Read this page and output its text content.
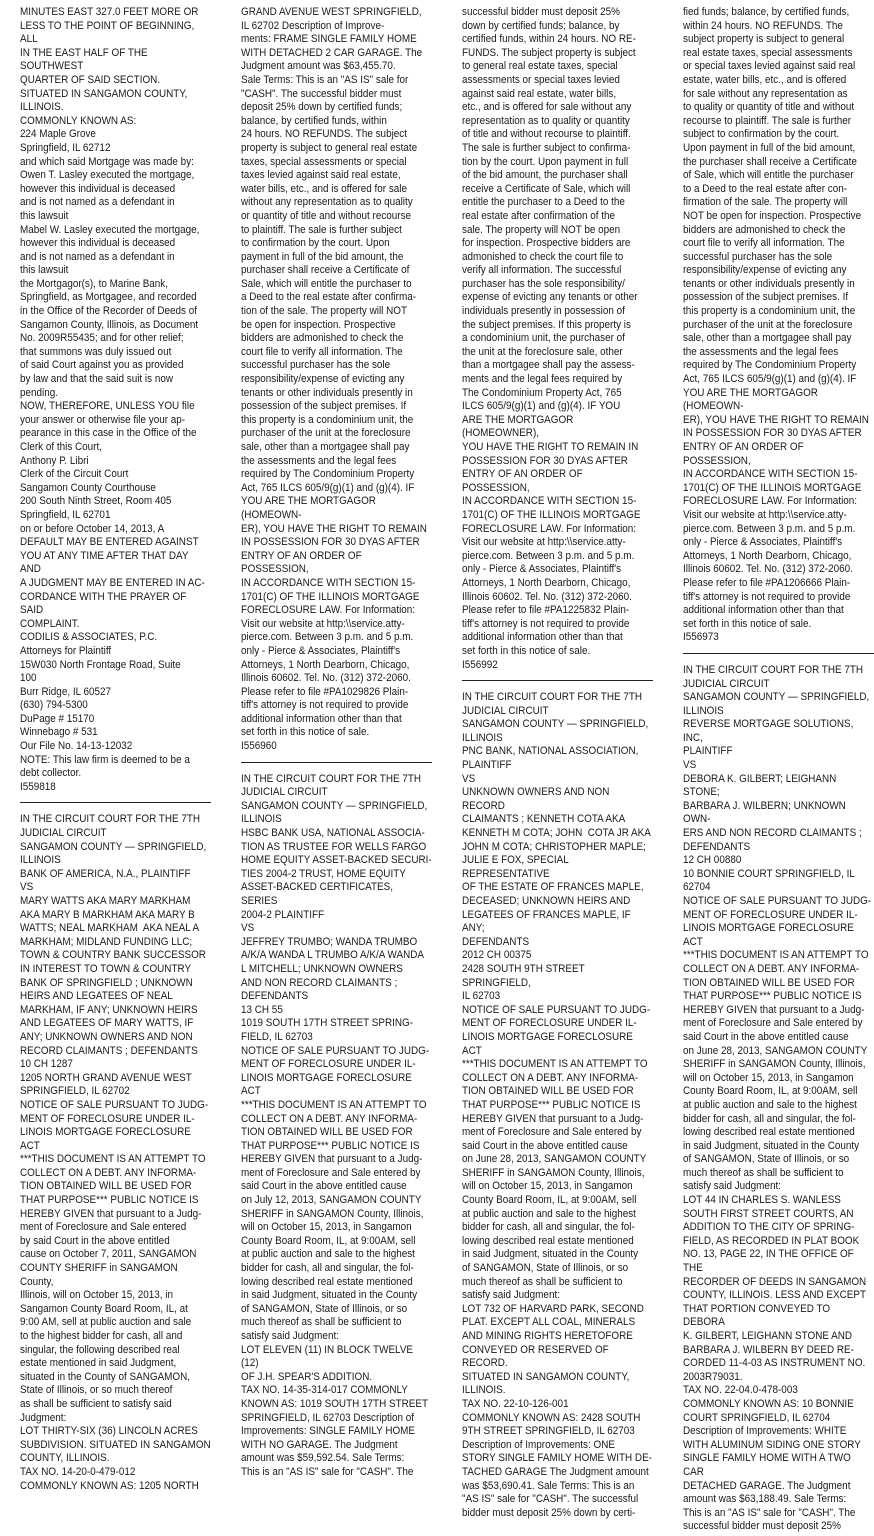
MINUTES EAST 327.0 FEET MORE OR
LESS TO THE POINT OF BEGINNING, ALL
IN THE EAST HALF OF THE SOUTHWEST
QUARTER OF SAID SECTION.
SITUATED IN SANGAMON COUNTY,
ILLINOIS.
COMMONLY KNOWN AS:
224 Maple Grove
Springfield, IL 62712
and which said Mortgage was made by:
Owen T. Lasley executed the mortgage,
however this individual is deceased
and is not named as a defendant in
this lawsuit
Mabel W. Lasley executed the mortgage,
however this individual is deceased
and is not named as a defendant in
this lawsuit
the Mortgagor(s), to Marine Bank,
Springfield, as Mortgagee, and recorded
in the Office of the Recorder of Deeds of
Sangamon County, Illinois, as Document
No. 2009R55435; and for other relief;
that summons was duly issued out
of said Court against you as provided
by law and that the said suit is now
pending.
NOW, THEREFORE, UNLESS YOU file
your answer or otherwise file your ap-
pearance in this case in the Office of the
Clerk of this Court,
Anthony P. Libri
Clerk of the Circuit Court
Sangamon County Courthouse
200 South Ninth Street, Room 405
Springfield, IL 62701
on or before October 14, 2013, A
DEFAULT MAY BE ENTERED AGAINST
YOU AT ANY TIME AFTER THAT DAY AND
A JUDGMENT MAY BE ENTERED IN AC-
CORDANCE WITH THE PRAYER OF SAID
COMPLAINT.
CODILIS & ASSOCIATES, P.C.
Attorneys for Plaintiff
15W030 North Frontage Road, Suite
100
Burr Ridge, IL 60527
(630) 794-5300
DuPage # 15170
Winnebago # 531
Our File No. 14-13-12032
NOTE: This law firm is deemed to be a
debt collector.
I559818

IN THE CIRCUIT COURT FOR THE 7TH
JUDICIAL CIRCUIT
SANGAMON COUNTY — SPRINGFIELD,
ILLINOIS
BANK OF AMERICA, N.A., PLAINTIFF
VS
MARY WATTS AKA MARY MARKHAM
AKA MARY B MARKHAM AKA MARY B
WATTS; NEAL MARKHAM  AKA NEAL A
MARKHAM; MIDLAND FUNDING LLC;
TOWN & COUNTRY BANK SUCCESSOR
IN INTEREST TO TOWN & COUNTRY
BANK OF SPRINGFIELD ; UNKNOWN
HEIRS AND LEGATEES OF NEAL
MARKHAM, IF ANY; UNKNOWN HEIRS
AND LEGATEES OF MARY WATTS, IF
ANY; UNKNOWN OWNERS AND NON
RECORD CLAIMANTS ; DEFENDANTS
10 CH 1287
1205 NORTH GRAND AVENUE WEST
SPRINGFIELD, IL 62702
NOTICE OF SALE PURSUANT TO JUDG-
MENT OF FORECLOSURE UNDER IL-
LINOIS MORTGAGE FORECLOSURE ACT
***THIS DOCUMENT IS AN ATTEMPT TO
COLLECT ON A DEBT. ANY INFORMA-
TION OBTAINED WILL BE USED FOR
THAT PURPOSE*** PUBLIC NOTICE IS
HEREBY GIVEN that pursuant to a Judg-
ment of Foreclosure and Sale entered
by said Court in the above entitled
cause on October 7, 2011, SANGAMON
COUNTY SHERIFF in SANGAMON County,
Illinois, will on October 15, 2013, in
Sangamon County Board Room, IL, at
9:00 AM, sell at public auction and sale
to the highest bidder for cash, all and
singular, the following described real
estate mentioned in said Judgment,
situated in the County of SANGAMON,
State of Illinois, or so much thereof
as shall be sufficient to satisfy said
Judgment:
LOT THIRTY-SIX (36) LINCOLN ACRES
SUBDIVISION. SITUATED IN SANGAMON
COUNTY, ILLINOIS.
TAX NO. 14-20-0-479-012
COMMONLY KNOWN AS: 1205 NORTH

GRAND AVENUE WEST SPRINGFIELD,
IL 62702 Description of Improve-
ments: FRAME SINGLE FAMILY HOME
WITH DETACHED 2 CAR GARAGE. The
Judgment amount was $63,455.70.
Sale Terms: This is an "AS IS" sale for
"CASH". The successful bidder must
deposit 25% down by certified funds;
balance, by certified funds, within
24 hours. NO REFUNDS. The subject
property is subject to general real estate
taxes, special assessments or special
taxes levied against said real estate,
water bills, etc., and is offered for sale
without any representation as to quality
or quantity of title and without recourse
to plaintiff. The sale is further subject
to confirmation by the court. Upon
payment in full of the bid amount, the
purchaser shall receive a Certificate of
Sale, which will entitle the purchaser to
a Deed to the real estate after confirma-
tion of the sale. The property will NOT
be open for inspection. Prospective
bidders are admonished to check the
court file to verify all information. The
successful purchaser has the sole
responsibility/expense of evicting any
tenants or other individuals presently in
possession of the subject premises. If
this property is a condominium unit, the
purchaser of the unit at the foreclosure
sale, other than a mortgagee shall pay
the assessments and the legal fees
required by The Condominium Property
Act, 765 ILCS 605/9(g)(1) and (g)(4). IF
YOU ARE THE MORTGAGOR (HOMEOWN-
ER), YOU HAVE THE RIGHT TO REMAIN
IN POSSESSION FOR 30 DYAS AFTER
ENTRY OF AN ORDER OF POSSESSION,
IN ACCORDANCE WITH SECTION 15-
1701(C) OF THE ILLINOIS MORTGAGE
FORECLOSURE LAW. For Information:
Visit our website at http:\\service.atty-
pierce.com. Between 3 p.m. and 5 p.m.
only - Pierce & Associates, Plaintiff's
Attorneys, 1 North Dearborn, Chicago,
Illinois 60602. Tel. No. (312) 372-2060.
Please refer to file #PA1029826 Plain-
tiff's attorney is not required to provide
additional information other than that
set forth in this notice of sale.
I556960

IN THE CIRCUIT COURT FOR THE 7TH
JUDICIAL CIRCUIT
SANGAMON COUNTY — SPRINGFIELD,
ILLINOIS
HSBC BANK USA, NATIONAL ASSOCIA-
TION AS TRUSTEE FOR WELLS FARGO
HOME EQUITY ASSET-BACKED SECURI-
TIES 2004-2 TRUST, HOME EQUITY
ASSET-BACKED CERTIFICATES, SERIES
2004-2 PLAINTIFF
VS
JEFFREY TRUMBO; WANDA TRUMBO
A/K/A WANDA L TRUMBO A/K/A WANDA
L MITCHELL; UNKNOWN OWNERS
AND NON RECORD CLAIMANTS ;
DEFENDANTS
13 CH 55
1019 SOUTH 17TH STREET SPRING-
FIELD, IL 62703
NOTICE OF SALE PURSUANT TO JUDG-
MENT OF FORECLOSURE UNDER IL-
LINOIS MORTGAGE FORECLOSURE ACT
***THIS DOCUMENT IS AN ATTEMPT TO
COLLECT ON A DEBT. ANY INFORMA-
TION OBTAINED WILL BE USED FOR
THAT PURPOSE*** PUBLIC NOTICE IS
HEREBY GIVEN that pursuant to a Judg-
ment of Foreclosure and Sale entered by
said Court in the above entitled cause
on July 12, 2013, SANGAMON COUNTY
SHERIFF in SANGAMON County, Illinois,
will on October 15, 2013, in Sangamon
County Board Room, IL, at 9:00AM, sell
at public auction and sale to the highest
bidder for cash, all and singular, the fol-
lowing described real estate mentioned
in said Judgment, situated in the County
of SANGAMON, State of Illinois, or so
much thereof as shall be sufficient to
satisfy said Judgment:
LOT ELEVEN (11) IN BLOCK TWELVE (12)
OF J.H. SPEAR'S ADDITION.
TAX NO. 14-35-314-017 COMMONLY
KNOWN AS: 1019 SOUTH 17TH STREET
SPRINGFIELD, IL 62703 Description of
Improvements: SINGLE FAMILY HOME
WITH NO GARAGE. The Judgment
amount was $59,592.54. Sale Terms:
This is an "AS IS" sale for "CASH". The

successful bidder must deposit 25%
down by certified funds; balance, by
certified funds, within 24 hours. NO RE-
FUNDS. The subject property is subject
to general real estate taxes, special
assessments or special taxes levied
against said real estate, water bills,
etc., and is offered for sale without any
representation as to quality or quantity
of title and without recourse to plaintiff.
The sale is further subject to confirma-
tion by the court. Upon payment in full
of the bid amount, the purchaser shall
receive a Certificate of Sale, which will
entitle the purchaser to a Deed to the
real estate after confirmation of the
sale. The property will NOT be open
for inspection. Prospective bidders are
admonished to check the court file to
verify all information. The successful
purchaser has the sole responsibility/
expense of evicting any tenants or other
individuals presently in possession of
the subject premises. If this property is
a condominium unit, the purchaser of
the unit at the foreclosure sale, other
than a mortgagee shall pay the assess-
ments and the legal fees required by
The Condominium Property Act, 765
ILCS 605/9(g)(1) and (g)(4). IF YOU
ARE THE MORTGAGOR (HOMEOWNER),
YOU HAVE THE RIGHT TO REMAIN IN
POSSESSION FOR 30 DYAS AFTER
ENTRY OF AN ORDER OF POSSESSION,
IN ACCORDANCE WITH SECTION 15-
1701(C) OF THE ILLINOIS MORTGAGE
FORECLOSURE LAW. For Information:
Visit our website at http:\\service.atty-
pierce.com. Between 3 p.m. and 5 p.m.
only - Pierce & Associates, Plaintiff's
Attorneys, 1 North Dearborn, Chicago,
Illinois 60602. Tel. No. (312) 372-2060.
Please refer to file #PA1225832 Plain-
tiff's attorney is not required to provide
additional information other than that
set forth in this notice of sale.
I556992

IN THE CIRCUIT COURT FOR THE 7TH
JUDICIAL CIRCUIT
SANGAMON COUNTY — SPRINGFIELD,
ILLINOIS
PNC BANK, NATIONAL ASSOCIATION,
PLAINTIFF
VS
UNKNOWN OWNERS AND NON RECORD
CLAIMANTS ; KENNETH COTA AKA
KENNETH M COTA; JOHN  COTA JR AKA
JOHN M COTA; CHRISTOPHER MAPLE;
JULIE E FOX, SPECIAL REPRESENTATIVE
OF THE ESTATE OF FRANCES MAPLE,
DECEASED; UNKNOWN HEIRS AND
LEGATEES OF FRANCES MAPLE, IF ANY;
DEFENDANTS
2012 CH 00375
2428 SOUTH 9TH STREET SPRINGFIELD,
IL 62703
NOTICE OF SALE PURSUANT TO JUDG-
MENT OF FORECLOSURE UNDER IL-
LINOIS MORTGAGE FORECLOSURE ACT
***THIS DOCUMENT IS AN ATTEMPT TO
COLLECT ON A DEBT. ANY INFORMA-
TION OBTAINED WILL BE USED FOR
THAT PURPOSE*** PUBLIC NOTICE IS
HEREBY GIVEN that pursuant to a Judg-
ment of Foreclosure and Sale entered by
said Court in the above entitled cause
on June 28, 2013, SANGAMON COUNTY
SHERIFF in SANGAMON County, Illinois,
will on October 15, 2013, in Sangamon
County Board Room, IL, at 9:00AM, sell
at public auction and sale to the highest
bidder for cash, all and singular, the fol-
lowing described real estate mentioned
in said Judgment, situated in the County
of SANGAMON, State of Illinois, or so
much thereof as shall be sufficient to
satisfy said Judgment:
LOT 732 OF HARVARD PARK, SECOND
PLAT. EXCEPT ALL COAL, MINERALS
AND MINING RIGHTS HERETOFORE
CONVEYED OR RESERVED OF RECORD.
SITUATED IN SANGAMON COUNTY,
ILLINOIS.
TAX NO. 22-10-126-001
COMMONLY KNOWN AS: 2428 SOUTH
9TH STREET SPRINGFIELD, IL 62703
Description of Improvements: ONE
STORY SINGLE FAMILY HOME WITH DE-
TACHED GARAGE The Judgment amount
was $53,690.41. Sale Terms: This is an
"AS IS" sale for "CASH". The successful
bidder must deposit 25% down by certi-

fied funds; balance, by certified funds,
within 24 hours. NO REFUNDS. The
subject property is subject to general
real estate taxes, special assessments
or special taxes levied against said real
estate, water bills, etc., and is offered
for sale without any representation as
to quality or quantity of title and without
recourse to plaintiff. The sale is further
subject to confirmation by the court.
Upon payment in full of the bid amount,
the purchaser shall receive a Certificate
of Sale, which will entitle the purchaser
to a Deed to the real estate after con-
firmation of the sale. The property will
NOT be open for inspection. Prospective
bidders are admonished to check the
court file to verify all information. The
successful purchaser has the sole
responsibility/expense of evicting any
tenants or other individuals presently in
possession of the subject premises. If
this property is a condominium unit, the
purchaser of the unit at the foreclosure
sale, other than a mortgagee shall pay
the assessments and the legal fees
required by The Condominium Property
Act, 765 ILCS 605/9(g)(1) and (g)(4). IF
YOU ARE THE MORTGAGOR (HOMEOWN-
ER), YOU HAVE THE RIGHT TO REMAIN
IN POSSESSION FOR 30 DYAS AFTER
ENTRY OF AN ORDER OF POSSESSION,
IN ACCORDANCE WITH SECTION 15-
1701(C) OF THE ILLINOIS MORTGAGE
FORECLOSURE LAW. For Information:
Visit our website at http:\\service.atty-
pierce.com. Between 3 p.m. and 5 p.m.
only - Pierce & Associates, Plaintiff's
Attorneys, 1 North Dearborn, Chicago,
Illinois 60602. Tel. No. (312) 372-2060.
Please refer to file #PA1206666 Plain-
tiff's attorney is not required to provide
additional information other than that
set forth in this notice of sale.
I556973

IN THE CIRCUIT COURT FOR THE 7TH
JUDICIAL CIRCUIT
SANGAMON COUNTY — SPRINGFIELD,
ILLINOIS
REVERSE MORTGAGE SOLUTIONS, INC,
PLAINTIFF
VS
DEBORA K. GILBERT; LEIGHANN STONE;
BARBARA J. WILBERN; UNKNOWN OWN-
ERS AND NON RECORD CLAIMANTS ;
DEFENDANTS
12 CH 00880
10 BONNIE COURT SPRINGFIELD, IL
62704
NOTICE OF SALE PURSUANT TO JUDG-
MENT OF FORECLOSURE UNDER IL-
LINOIS MORTGAGE FORECLOSURE ACT
***THIS DOCUMENT IS AN ATTEMPT TO
COLLECT ON A DEBT. ANY INFORMA-
TION OBTAINED WILL BE USED FOR
THAT PURPOSE*** PUBLIC NOTICE IS
HEREBY GIVEN that pursuant to a Judg-
ment of Foreclosure and Sale entered by
said Court in the above entitled cause
on June 28, 2013, SANGAMON COUNTY
SHERIFF in SANGAMON County, Illinois,
will on October 15, 2013, in Sangamon
County Board Room, IL, at 9:00AM, sell
at public auction and sale to the highest
bidder for cash, all and singular, the fol-
lowing described real estate mentioned
in said Judgment, situated in the County
of SANGAMON, State of Illinois, or so
much thereof as shall be sufficient to
satisfy said Judgment:
LOT 44 IN CHARLES S. WANLESS
SOUTH FIRST STREET COURTS, AN
ADDITION TO THE CITY OF SPRING-
FIELD, AS RECORDED IN PLAT BOOK
NO. 13, PAGE 22, IN THE OFFICE OF THE
RECORDER OF DEEDS IN SANGAMON
COUNTY, ILLINOIS. LESS AND EXCEPT
THAT PORTION CONVEYED TO DEBORA
K. GILBERT, LEIGHANN STONE AND
BARBARA J. WILBERN BY DEED RE-
CORDED 11-4-03 AS INSTRUMENT NO.
2003R79031.
TAX NO. 22-04.0-478-003
COMMONLY KNOWN AS: 10 BONNIE
COURT SPRINGFIELD, IL 62704
Description of Improvements: WHITE
WITH ALUMINUM SIDING ONE STORY
SINGLE FAMILY HOME WITH A TWO CAR
DETACHED GARAGE. The Judgment
amount was $63,188.49. Sale Terms:
This is an "AS IS" sale for "CASH". The
successful bidder must deposit 25%
